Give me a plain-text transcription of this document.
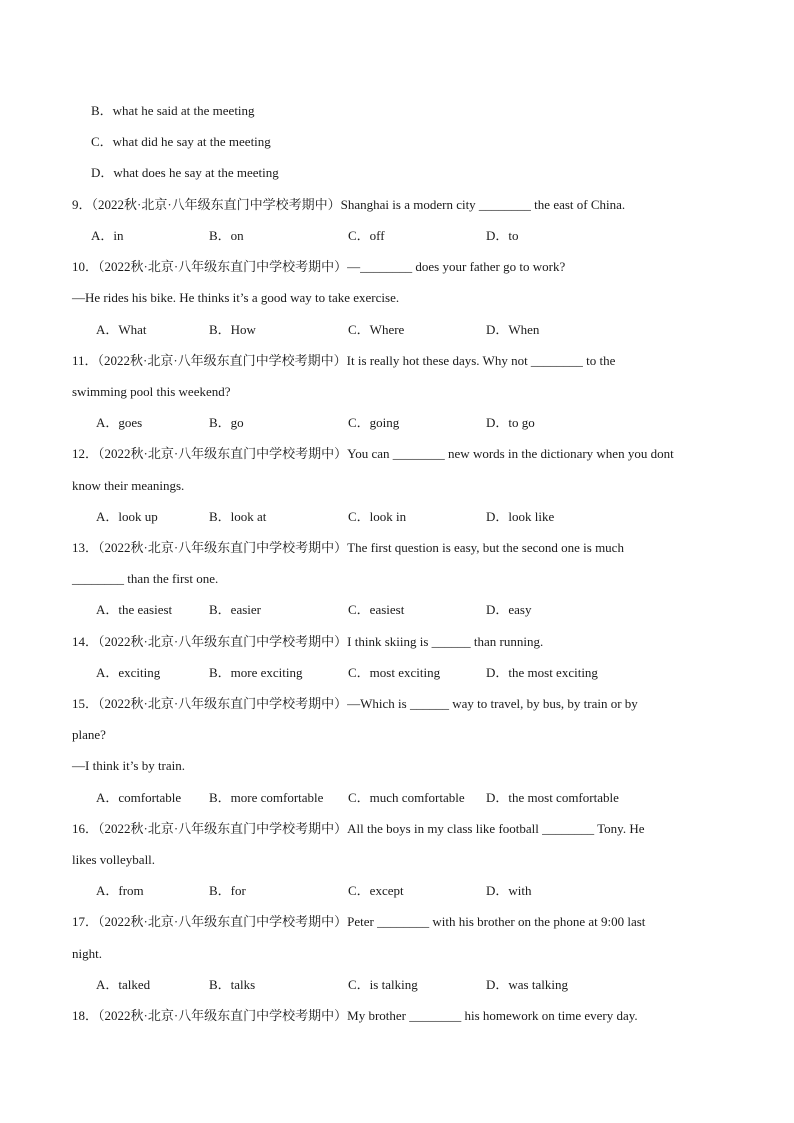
B．what he said at the meeting
C．what did he say at the meeting
D．what does he say at the meeting
9．（2022秋·北京·八年级东直门中学校考期中）Shanghai is a modern city ________ the east of China.
A．in	B．on	C．off	D．to
10．（2022秋·北京·八年级东直门中学校考期中）—________ does your father go to work?
—He rides his bike. He thinks it’s a good way to take exercise.
A．What	B．How	C．Where	D．When
11．（2022秋·北京·八年级东直门中学校考期中）It is really hot these days. Why not ________ to the
swimming pool this weekend?
A．goes	B．go	C．going	D．to go
12．（2022秋·北京·八年级东直门中学校考期中）You can ________ new words in the dictionary when you dont
know their meanings.
A．look up	B．look at	C．look in	D．look like
13．（2022秋·北京·八年级东直门中学校考期中）The first question is easy, but the second one is much
________ than the first one.
A．the easiest	B．easier	C．easiest	D．easy
14．（2022秋·北京·八年级东直门中学校考期中）I think skiing is ______ than running.
A．exciting	B．more exciting	C．most exciting	D．the most exciting
15．（2022秋·北京·八年级东直门中学校考期中）—Which is ______ way to travel, by bus, by train or by
plane?
—I think it’s by train.
A．comfortable B．more comfortable C．much comfortable D．the most comfortable
16．（2022秋·北京·八年级东直门中学校考期中）All the boys in my class like football ________ Tony. He
likes volleyball.
A．from	B．for	C．except	D．with
17．（2022秋·北京·八年级东直门中学校考期中）Peter ________ with his brother on the phone at 9:00 last
night.
A．talked	B．talks	C．is talking	D．was talking
18．（2022秋·北京·八年级东直门中学校考期中）My brother ________ his homework on time every day.
